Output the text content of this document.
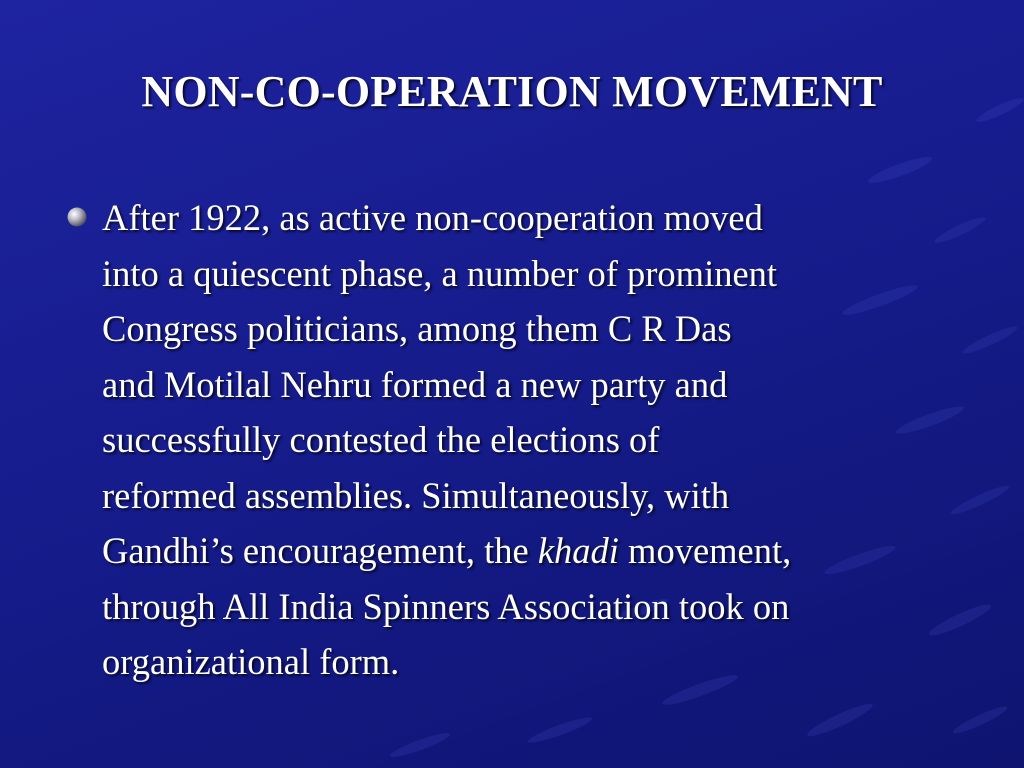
NON-CO-OPERATION MOVEMENT

After 1922, as active non-cooperation moved
into a quiescent phase, a number of prominent
Congress politicians, among them C R Das
and Motilal Nehru formed a new party and
successfully contested the elections of
reformed assemblies. Simultaneously, with
Gandhi’s encouragement, the khadi movement,
through All India Spinners Association took on
organizational form.
